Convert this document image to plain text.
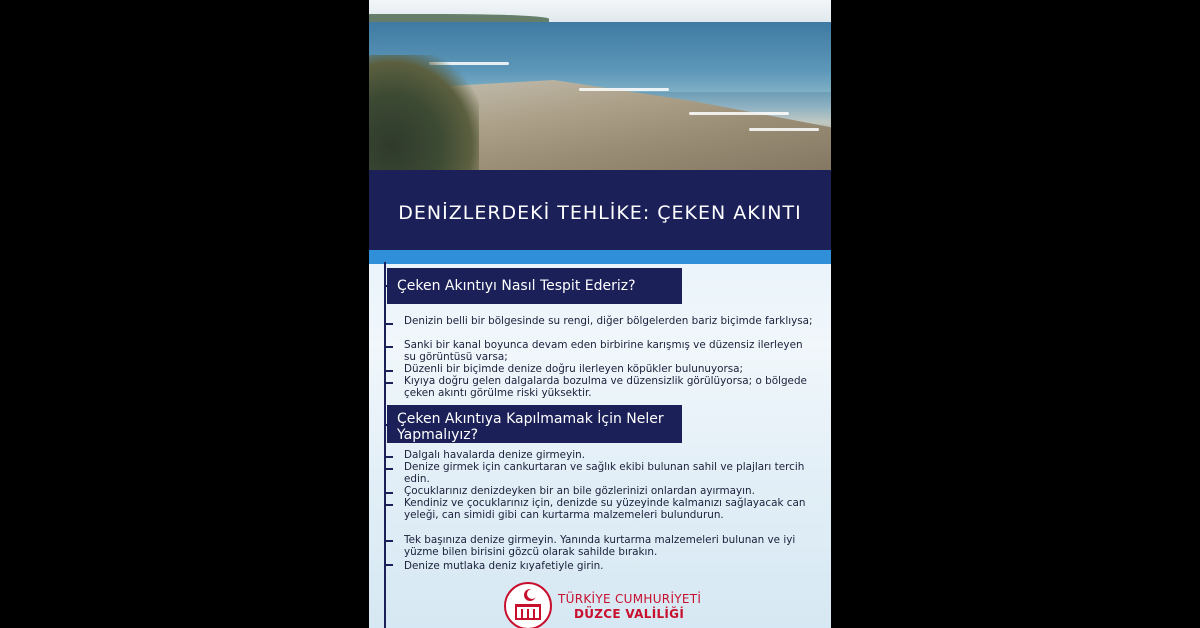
DENİZLERDEKİ TEHLİKE: ÇEKEN AKINTI
Çeken Akıntıyı Nasıl Tespit Ederiz?
Denizin belli bir bölgesinde su rengi, diğer bölgelerden bariz biçimde farklıysa;
Sanki bir kanal boyunca devam eden birbirine karışmış ve düzensiz ilerleyen su görüntüsü varsa;
Düzenli bir biçimde denize doğru ilerleyen köpükler bulunuyorsa;
Kıyıya doğru gelen dalgalarda bozulma ve düzensizlik görülüyorsa; o bölgede çeken akıntı görülme riski yüksektir.
Çeken Akıntıya Kapılmamak İçin Neler Yapmalıyız?
Dalgalı havalarda denize girmeyin.
Denize girmek için cankurtaran ve sağlık ekibi bulunan sahil ve plajları tercih edin.
Çocuklarınız denizdeyken bir an bile gözlerinizi onlardan ayırmayın.
Kendiniz ve çocuklarınız için, denizde su yüzeyinde kalmanızı sağlayacak can yeleği, can simidi gibi can kurtarma malzemeleri bulundurun.
Tek başınıza denize girmeyin. Yanında kurtarma malzemeleri bulunan ve iyi yüzme bilen birisini gözcü olarak sahilde bırakın.
Denize mutlaka deniz kıyafetiyle girin.
TÜRKİYE CUMHURİYETİ
DÜZCE VALİLİĞİ
